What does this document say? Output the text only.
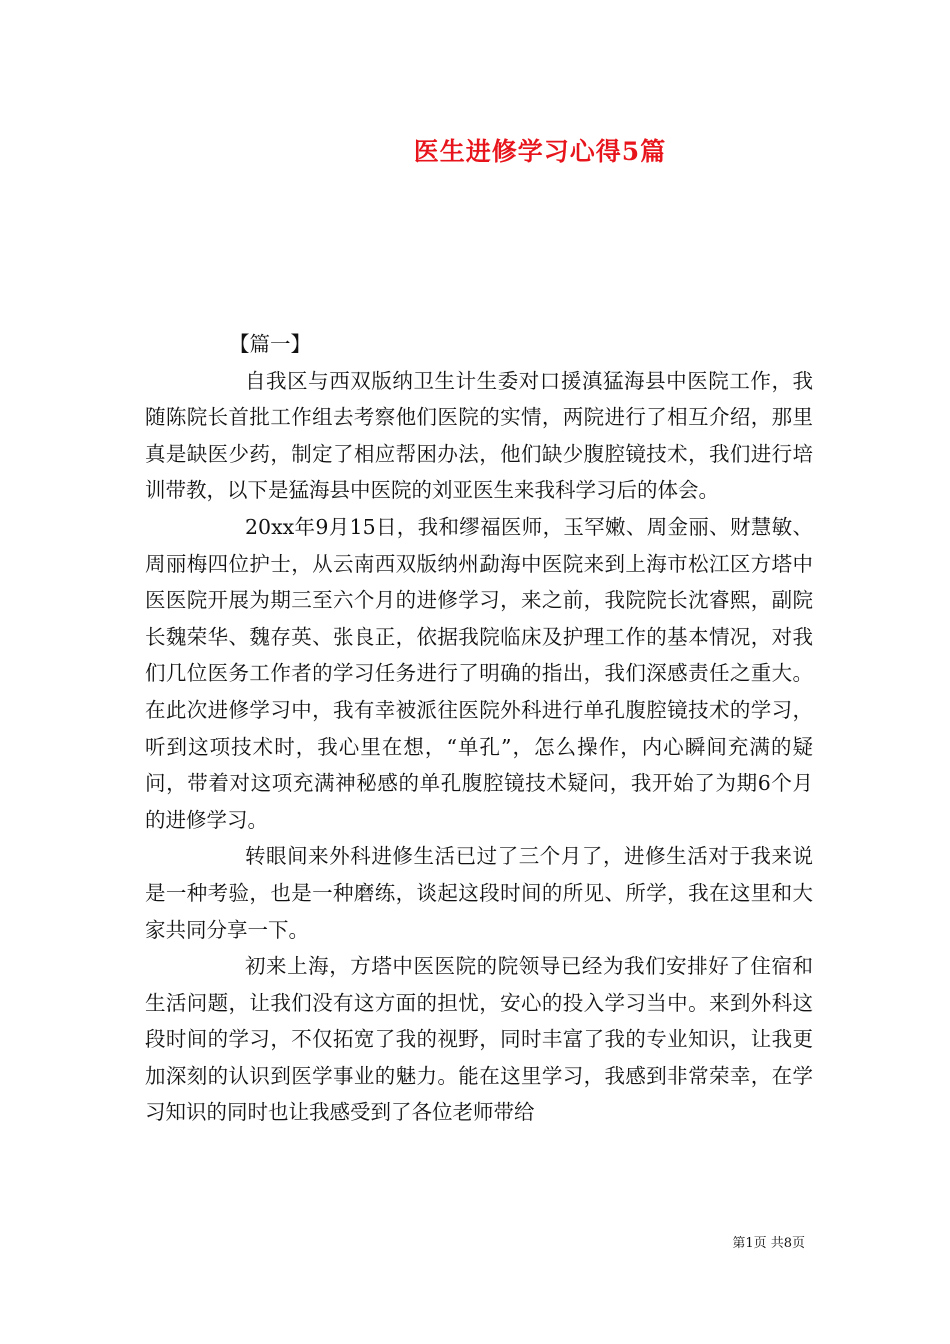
医生进修学习心得5篇

【篇一】

自我区与西双版纳卫生计生委对口援滇猛海县中医院工作，我随陈院长首批工作组去考察他们医院的实情，两院进行了相互介绍，那里真是缺医少药，制定了相应帮困办法，他们缺少腹腔镜技术，我们进行培训带教，以下是猛海县中医院的刘亚医生来我科学习后的体会。

20xx年9月15日，我和缪福医师，玉罕嫩、周金丽、财慧敏、周丽梅四位护士，从云南西双版纳州勐海中医院来到上海市松江区方塔中医医院开展为期三至六个月的进修学习，来之前，我院院长沈睿熙，副院长魏荣华、魏存英、张良正，依据我院临床及护理工作的基本情况，对我们几位医务工作者的学习任务进行了明确的指出，我们深感责任之重大。在此次进修学习中，我有幸被派往医院外科进行单孔腹腔镜技术的学习，听到这项技术时，我心里在想，“单孔”，怎么操作，内心瞬间充满的疑问，带着对这项充满神秘感的单孔腹腔镜技术疑问，我开始了为期6个月的进修学习。

转眼间来外科进修生活已过了三个月了，进修生活对于我来说是一种考验，也是一种磨练，谈起这段时间的所见、所学，我在这里和大家共同分享一下。

初来上海，方塔中医医院的院领导已经为我们安排好了住宿和生活问题，让我们没有这方面的担忧，安心的投入学习当中。来到外科这段时间的学习，不仅拓宽了我的视野，同时丰富了我的专业知识，让我更加深刻的认识到医学事业的魅力。能在这里学习，我感到非常荣幸，在学习知识的同时也让我感受到了各位老师带给

第1页 共8页
